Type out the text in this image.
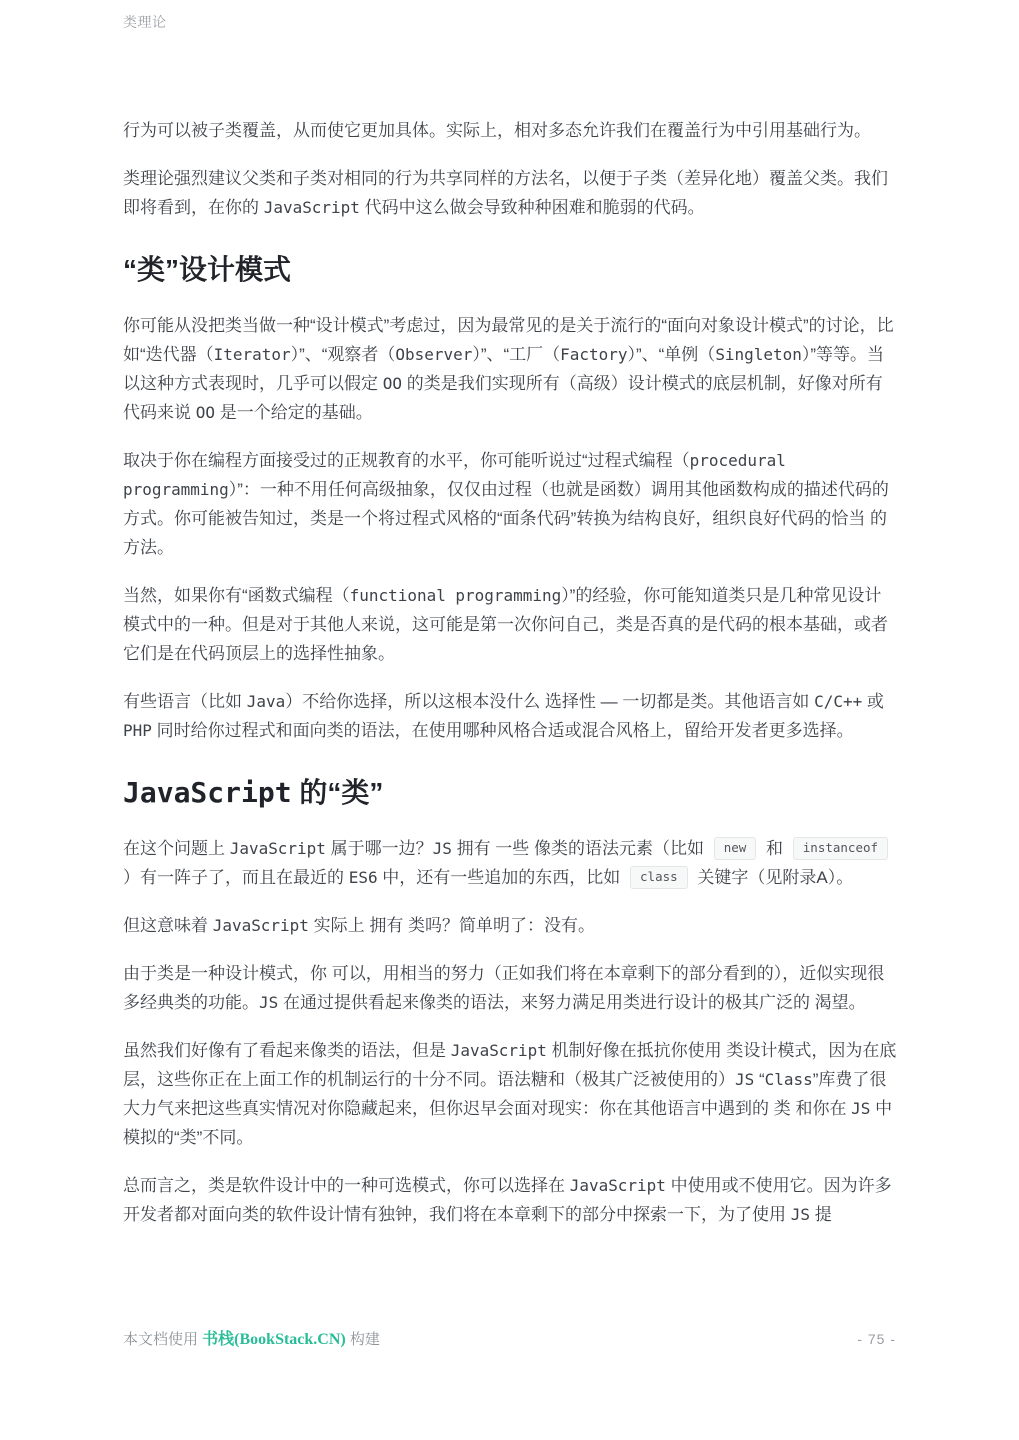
类理论

行为可以被子类覆盖，从而使它更加具体。实际上，相对多态允许我们在覆盖行为中引用基础行为。

类理论强烈建议父类和子类对相同的行为共享同样的方法名，以便于子类（差异化地）覆盖父类。我们即将看到，在你的 JavaScript 代码中这么做会导致种种困难和脆弱的代码。

“类”设计模式

你可能从没把类当做一种“设计模式”考虑过，因为最常见的是关于流行的“面向对象设计模式”的讨论，比如“迭代器（Iterator）”、“观察者（Observer）”、“工厂（Factory）”、“单例（Singleton）”等等。当以这种方式表现时，几乎可以假定 OO 的类是我们实现所有（高级）设计模式的底层机制，好像对所有代码来说 OO 是一个给定的基础。

取决于你在编程方面接受过的正规教育的水平，你可能听说过“过程式编程（procedural programming）”：一种不用任何高级抽象，仅仅由过程（也就是函数）调用其他函数构成的描述代码的方式。你可能被告知过，类是一个将过程式风格的“面条代码”转换为结构良好，组织良好代码的恰当 的方法。

当然，如果你有“函数式编程（functional programming）”的经验，你可能知道类只是几种常见设计模式中的一种。但是对于其他人来说，这可能是第一次你问自己，类是否真的是代码的根本基础，或者它们是在代码顶层上的选择性抽象。

有些语言（比如 Java）不给你选择，所以这根本没什么 选择性 — 一切都是类。其他语言如 C/C++ 或 PHP 同时给你过程式和面向类的语法，在使用哪种风格合适或混合风格上，留给开发者更多选择。

JavaScript 的“类”

在这个问题上 JavaScript 属于哪一边？JS 拥有 一些 像类的语法元素（比如 new 和 instanceof ）有一阵子了，而且在最近的 ES6 中，还有一些追加的东西，比如 class 关键字（见附录A）。

但这意味着 JavaScript 实际上 拥有 类吗？简单明了：没有。

由于类是一种设计模式，你 可以，用相当的努力（正如我们将在本章剩下的部分看到的），近似实现很多经典类的功能。JS 在通过提供看起来像类的语法，来努力满足用类进行设计的极其广泛的 渴望。

虽然我们好像有了看起来像类的语法，但是 JavaScript 机制好像在抵抗你使用 类设计模式，因为在底层，这些你正在上面工作的机制运行的十分不同。语法糖和（极其广泛被使用的）JS “Class”库费了很大力气来把这些真实情况对你隐藏起来，但你迟早会面对现实：你在其他语言中遇到的 类 和你在 JS 中模拟的“类”不同。

总而言之，类是软件设计中的一种可选模式，你可以选择在 JavaScript 中使用或不使用它。因为许多开发者都对面向类的软件设计情有独钟，我们将在本章剩下的部分中探索一下，为了使用 JS 提

本文档使用 书栈(BookStack.CN) 构建	- 75 -
